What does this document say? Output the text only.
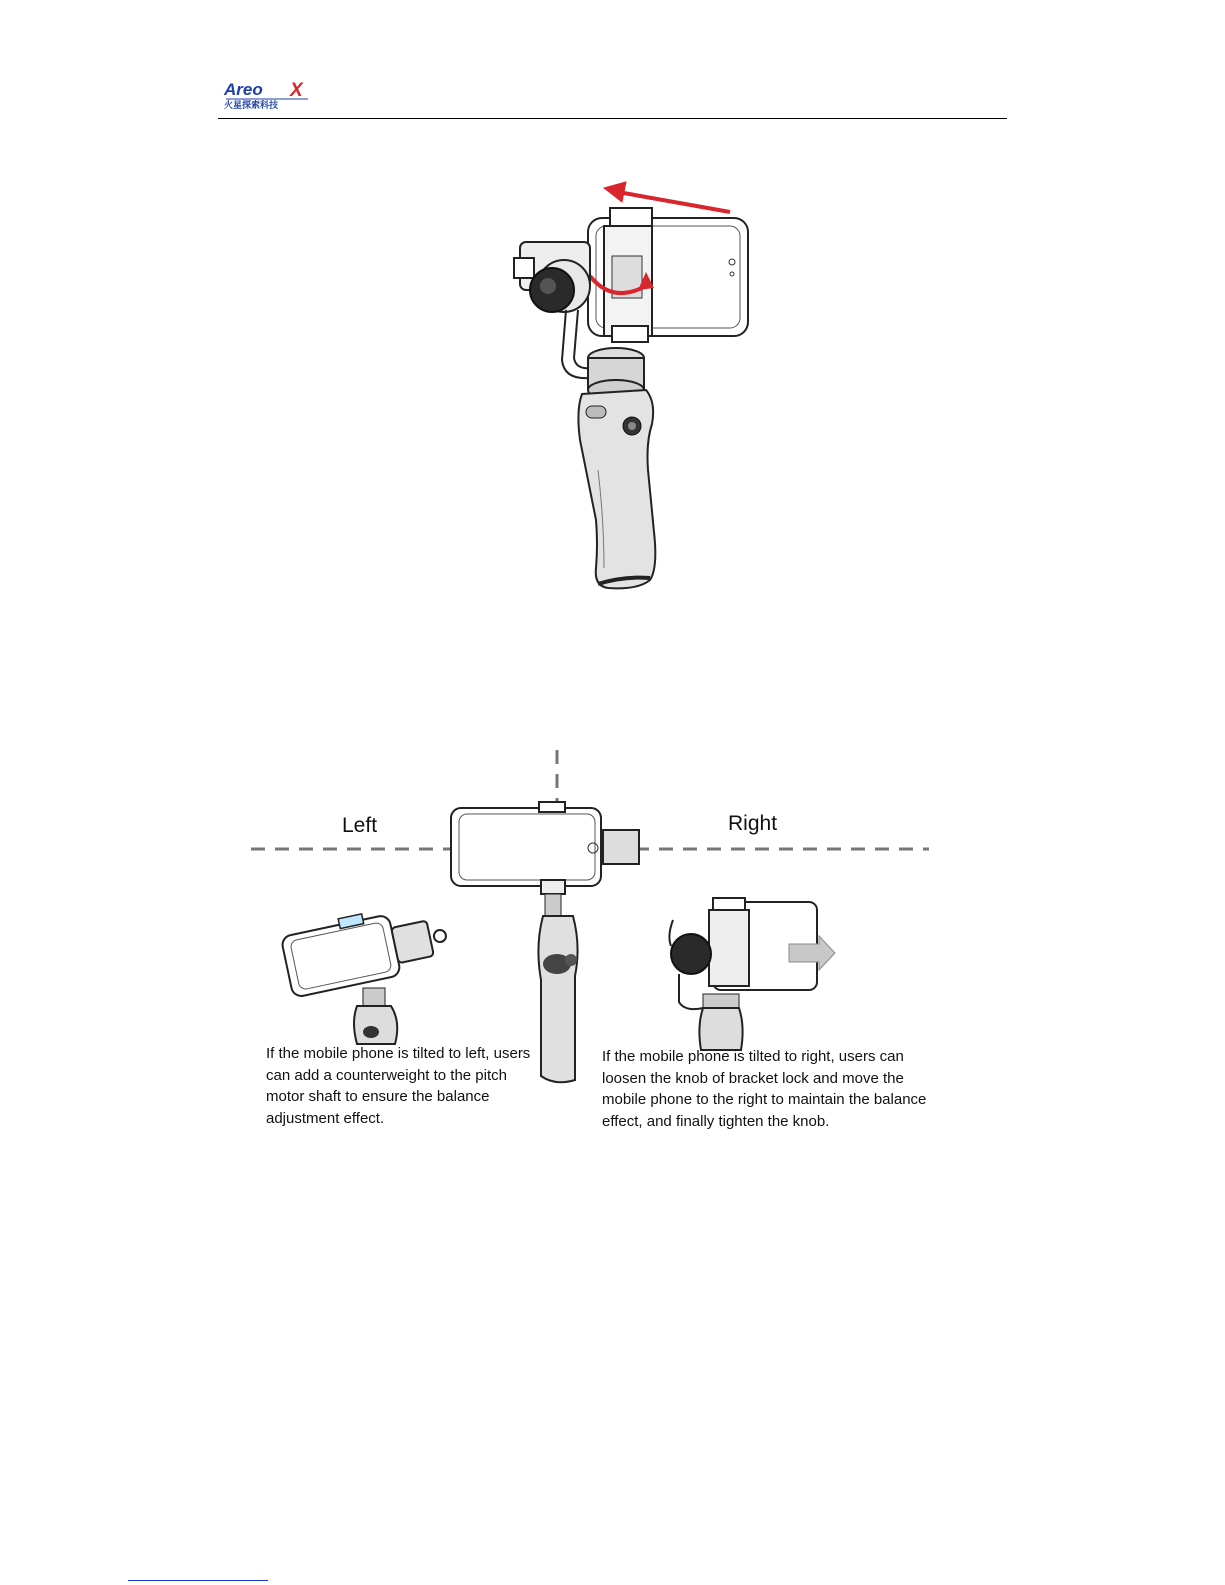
Areo X
火星探索科技
Left	Right

If the mobile phone is tilted to left, users can add a counterweight to the pitch motor shaft to ensure the balance adjustment effect.

If the mobile phone is tilted to right, users can loosen the knob of bracket lock and move the mobile phone to the right to maintain the balance effect, and finally tighten the knob.
